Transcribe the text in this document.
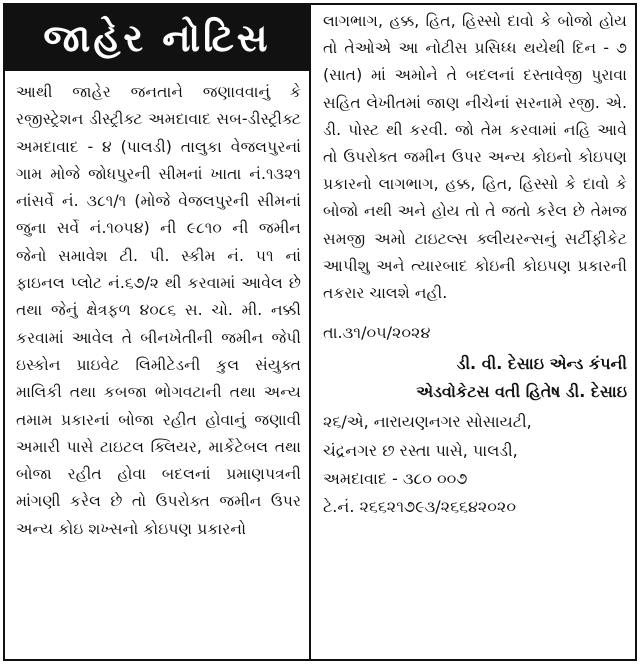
જાહેર નોટિસ
આથી જાહેર જનતાને જણાવવાનું કે રજીસ્ટ્રેશન ડીસ્ટ્રીક્ટ અમદાવાદ સબ-ડીસ્ટ્રીક્ટ અમદાવાદ - ૪ (પાલડી) તાલુકા વેજલપુરનાં ગામ મોજે જોધપુરની સીમનાં ખાતા નં.૧૩૨૧ નાંસર્વે નં. ૩૮૧/૧ (મોજે વેજલપુરની સીમનાં જુના સર્વે નં.૧૦૫૪) ની ૯૮૧૦ ની જમીન જેનો સમાવેશ ટી. પી. સ્કીમ નં. ૫૧ નાં ફાઇનલ પ્લોટ નં.૬૭/૨ થી કરવામાં આવેલ છે તથા જેનું ક્ષેત્રફળ ૪૦૮૬ સ. ચો. મી. નક્કી કરવામાં આવેલ તે બીનખેતીની જમીન જેપી ઇસ્કોન પ્રાઇવેટ લિમીટેડની કુલ સંયુક્ત માલિકી તથા કબજા ભોગવટાની તથા અન્ય તમામ પ્રકારનાં બોજા રહીત હોવાનું જણાવી અમારી પાસે ટાઇટલ ક્લિયર, માર્કેટેબલ તથા બોજા રહીત હોવા બદલનાં પ્રમાણપત્રની માંગણી કરેલ છે તો ઉપરોક્ત જમીન ઉપર અન્ય કોઇ શખ્સનો કોઇપણ પ્રકારનો
લાગભાગ, હક્ક, હિત, હિસ્સો દાવો કે બોજો હોય તો તેઓએ આ નોટીસ પ્રસિધ્ધ થયેથી દિન - ૭ (સાત) માં અમોને તે બદલનાં દસ્તાવેજી પુરાવા સહિત લેખીતમાં જાણ નીચેનાં સરનામે રજી. એ. ડી. પોસ્ટ થી કરવી. જો તેમ કરવામાં નહિ આવે તો ઉપરોક્ત જમીન ઉપર અન્ય કોઇનો કોઇપણ પ્રકારનો લાગભાગ, હક્ક, હિત, હિસ્સો કે દાવો કે બોજો નથી અને હોય તો તે જતો કરેલ છે તેમજ સમજી અમો ટાઇટલ્સ ક્લીયરન્સનું સર્ટીફીકેટ આપીશુ અને ત્યારબાદ કોઇની કોઇપણ પ્રકારની તકરાર ચાલશે નહી.
તા.૩૧/૦૫/૨૦૨૪
ડી. વી. દેસાઇ એન્ડ કંપની
એડવોકેટસ વતી હિતેષ ડી. દેસાઇ
૨૬/એ, નારાયણનગર સોસાયટી,
ચંદ્રનગર છ રસ્તા પાસે, પાલડી,
અમદાવાદ - ૩૮૦ ૦૦૭
ટે.નં. ૨૬૬૨૧૭૯૩/૨૬૬૪૨૦૨૦
